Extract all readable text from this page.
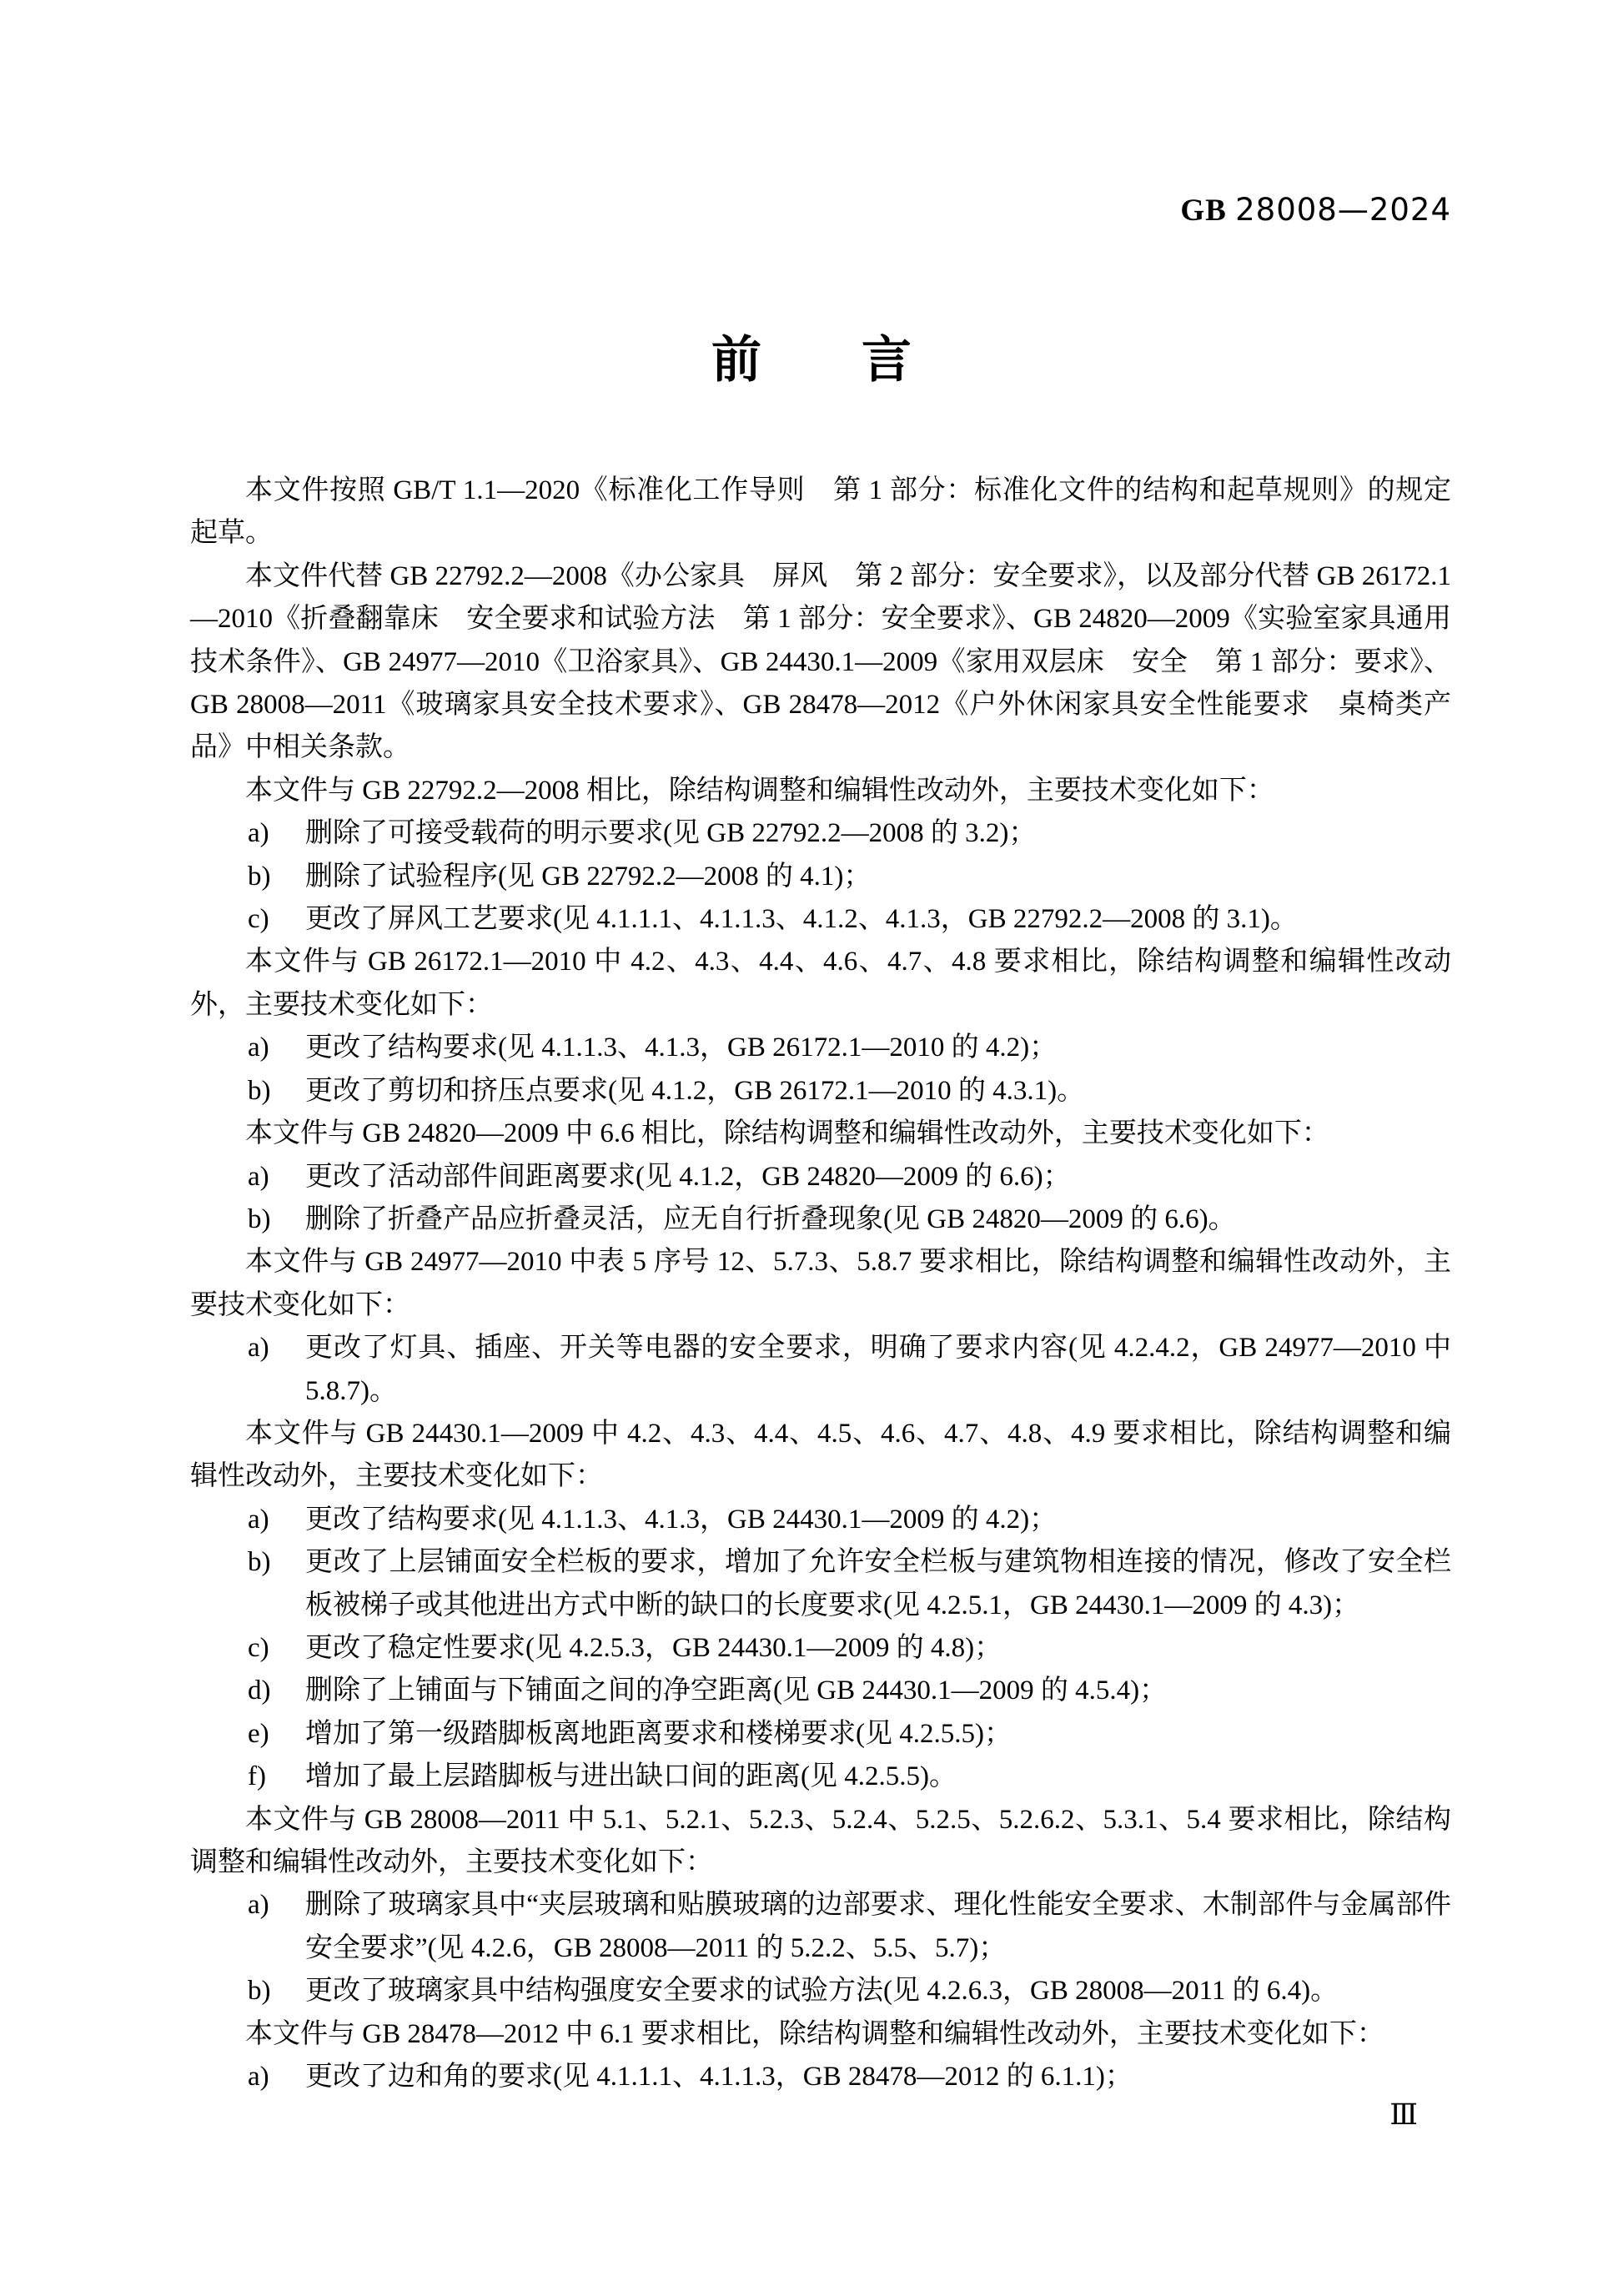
GB 28008—2024
前　　言

本文件按照 GB/T 1.1—2020《标准化工作导则　第 1 部分：标准化文件的结构和起草规则》的规定起草。

本文件代替 GB 22792.2—2008《办公家具　屏风　第 2 部分：安全要求》，以及部分代替 GB 26172.1—2010《折叠翻靠床　安全要求和试验方法　第 1 部分：安全要求》、GB 24820—2009《实验室家具通用技术条件》、GB 24977—2010《卫浴家具》、GB 24430.1—2009《家用双层床　安全　第 1 部分：要求》、GB 28008—2011《玻璃家具安全技术要求》、GB 28478—2012《户外休闲家具安全性能要求　桌椅类产品》中相关条款。

本文件与 GB 22792.2—2008 相比，除结构调整和编辑性改动外，主要技术变化如下：

a)	删除了可接受载荷的明示要求(见 GB 22792.2—2008 的 3.2)；

b)	删除了试验程序(见 GB 22792.2—2008 的 4.1)；

c)	更改了屏风工艺要求(见 4.1.1.1、4.1.1.3、4.1.2、4.1.3，GB 22792.2—2008 的 3.1)。

本文件与 GB 26172.1—2010 中 4.2、4.3、4.4、4.6、4.7、4.8 要求相比，除结构调整和编辑性改动外，主要技术变化如下：

a)	更改了结构要求(见 4.1.1.3、4.1.3，GB 26172.1—2010 的 4.2)；

b)	更改了剪切和挤压点要求(见 4.1.2，GB 26172.1—2010 的 4.3.1)。

本文件与 GB 24820—2009 中 6.6 相比，除结构调整和编辑性改动外，主要技术变化如下：

a)	更改了活动部件间距离要求(见 4.1.2，GB 24820—2009 的 6.6)；

b)	删除了折叠产品应折叠灵活，应无自行折叠现象(见 GB 24820—2009 的 6.6)。

本文件与 GB 24977—2010 中表 5 序号 12、5.7.3、5.8.7 要求相比，除结构调整和编辑性改动外，主要技术变化如下：

a)	更改了灯具、插座、开关等电器的安全要求，明确了要求内容(见 4.2.4.2，GB 24977—2010 中 5.8.7)。

本文件与 GB 24430.1—2009 中 4.2、4.3、4.4、4.5、4.6、4.7、4.8、4.9 要求相比，除结构调整和编辑性改动外，主要技术变化如下：

a)	更改了结构要求(见 4.1.1.3、4.1.3，GB 24430.1—2009 的 4.2)；

b)	更改了上层铺面安全栏板的要求，增加了允许安全栏板与建筑物相连接的情况，修改了安全栏板被梯子或其他进出方式中断的缺口的长度要求(见 4.2.5.1，GB 24430.1—2009 的 4.3)；

c)	更改了稳定性要求(见 4.2.5.3，GB 24430.1—2009 的 4.8)；

d)	删除了上铺面与下铺面之间的净空距离(见 GB 24430.1—2009 的 4.5.4)；

e)	增加了第一级踏脚板离地距离要求和楼梯要求(见 4.2.5.5)；

f)	增加了最上层踏脚板与进出缺口间的距离(见 4.2.5.5)。

本文件与 GB 28008—2011 中 5.1、5.2.1、5.2.3、5.2.4、5.2.5、5.2.6.2、5.3.1、5.4 要求相比，除结构调整和编辑性改动外，主要技术变化如下：

a)	删除了玻璃家具中“夹层玻璃和贴膜玻璃的边部要求、理化性能安全要求、木制部件与金属部件安全要求”(见 4.2.6，GB 28008—2011 的 5.2.2、5.5、5.7)；

b)	更改了玻璃家具中结构强度安全要求的试验方法(见 4.2.6.3，GB 28008—2011 的 6.4)。

本文件与 GB 28478—2012 中 6.1 要求相比，除结构调整和编辑性改动外，主要技术变化如下：

a)	更改了边和角的要求(见 4.1.1.1、4.1.1.3，GB 28478—2012 的 6.1.1)；

Ⅲ
